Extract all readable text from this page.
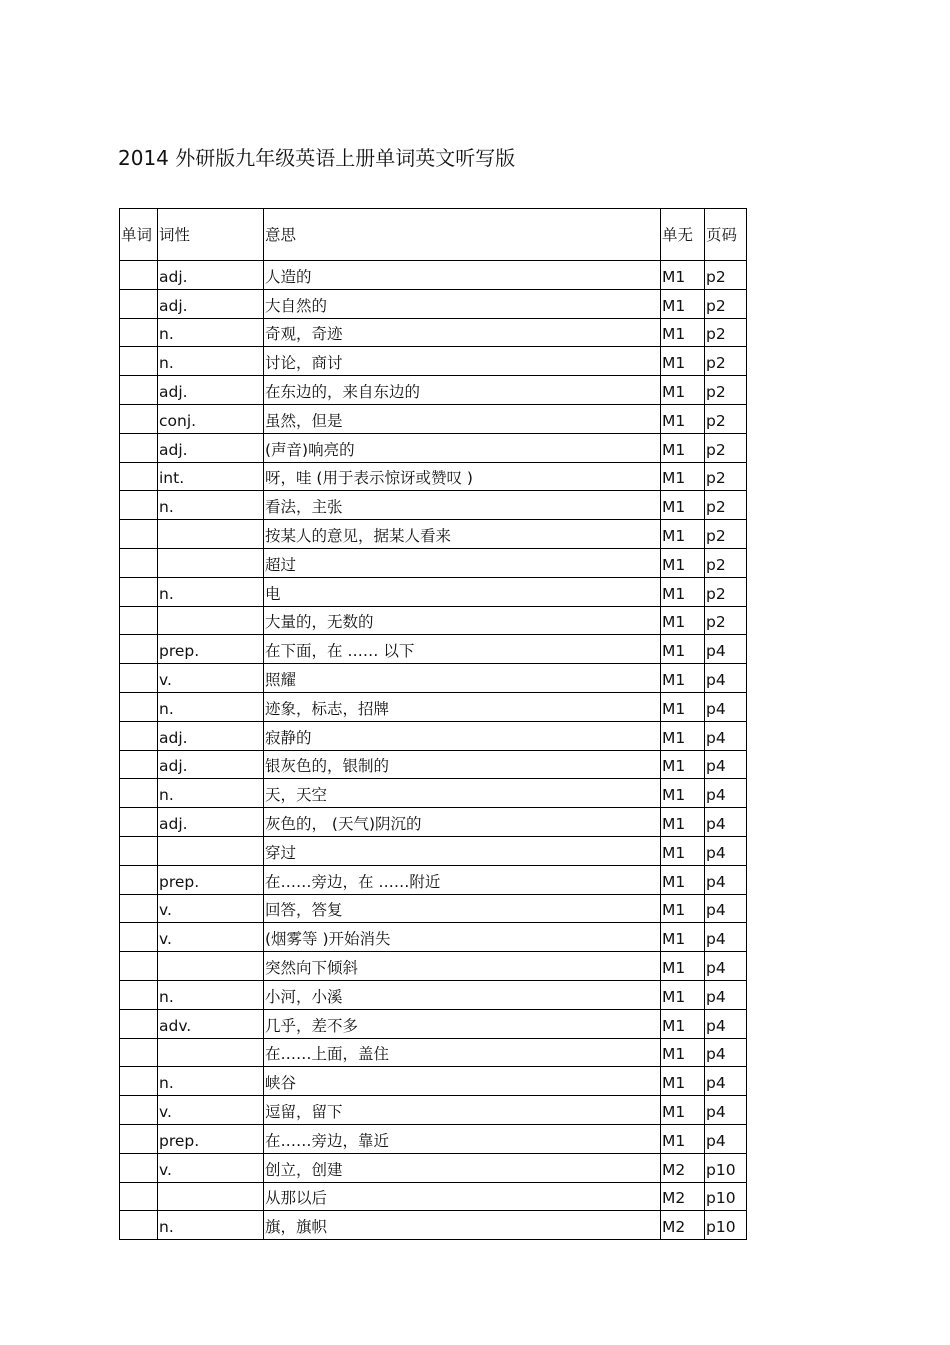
2014 外研版九年级英语上册单词英文听写版
单词	词性	意思	单无	页码
	adj.	人造的	M1	p2
	adj.	大自然的	M1	p2
	n.	奇观，奇迹	M1	p2
	n.	讨论，商讨	M1	p2
	adj.	在东边的，来自东边的	M1	p2
	conj.	虽然，但是	M1	p2
	adj.	(声音)响亮的	M1	p2
	int.	呀，哇 (用于表示惊讶或赞叹 )	M1	p2
	n.	看法，主张	M1	p2
		按某人的意见，据某人看来	M1	p2
		超过	M1	p2
	n.	电	M1	p2
		大量的，无数的	M1	p2
	prep.	在下面，在 …… 以下	M1	p4
	v.	照耀	M1	p4
	n.	迹象，标志，招牌	M1	p4
	adj.	寂静的	M1	p4
	adj.	银灰色的，银制的	M1	p4
	n.	天，天空	M1	p4
	adj.	灰色的， (天气)阴沉的	M1	p4
		穿过	M1	p4
	prep.	在……旁边，在 ……附近	M1	p4
	v.	回答，答复	M1	p4
	v.	(烟雾等 )开始消失	M1	p4
		突然向下倾斜	M1	p4
	n.	小河，小溪	M1	p4
	adv.	几乎，差不多	M1	p4
		在……上面，盖住	M1	p4
	n.	峡谷	M1	p4
	v.	逗留，留下	M1	p4
	prep.	在……旁边，靠近	M1	p4
	v.	创立，创建	M2	p10
		从那以后	M2	p10
	n.	旗，旗帜	M2	p10
